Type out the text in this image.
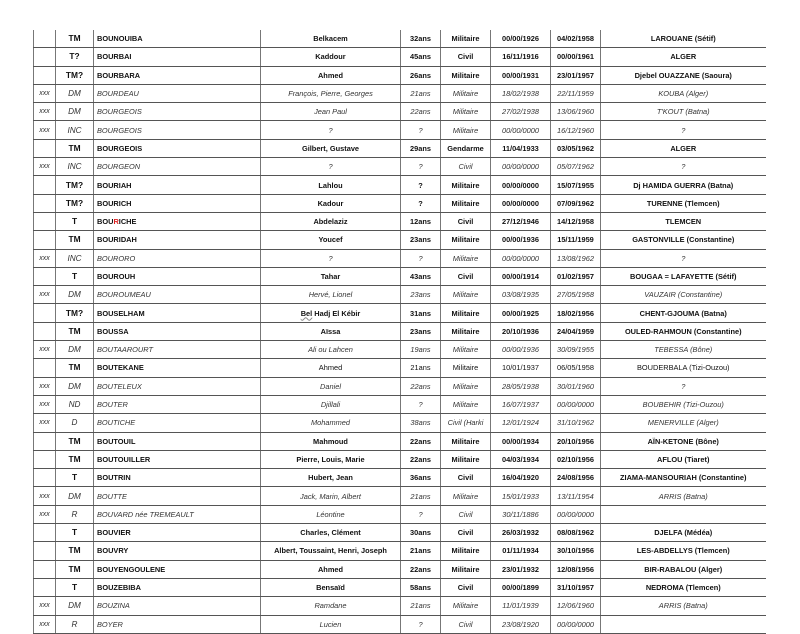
	TM	BOUNOUIBA	Belkacem	32ans	Militaire	00/00/1926	04/02/1958	LAROUANE (Sétif)
	T?	BOURBAI	Kaddour	45ans	Civil	16/11/1916	00/00/1961	ALGER
	TM?	BOURBARA	Ahmed	26ans	Militaire	00/00/1931	23/01/1957	Djebel OUAZZANE (Saoura)
xxx	DM	BOURDEAU	François, Pierre, Georges	21ans	Militaire	18/02/1938	22/11/1959	KOUBA (Alger)
xxx	DM	BOURGEOIS	Jean Paul	22ans	Militaire	27/02/1938	13/06/1960	T'KOUT (Batna)
xxx	INC	BOURGEOIS	?	?	Militaire	00/00/0000	16/12/1960	?
	TM	BOURGEOIS	Gilbert, Gustave	29ans	Gendarme	11/04/1933	03/05/1962	ALGER
xxx	INC	BOURGEON	?	?	Civil	00/00/0000	05/07/1962	?
	TM?	BOURIAH	Lahlou	?	Militaire	00/00/0000	15/07/1955	Dj HAMIDA GUERRA (Batna)
	TM?	BOURICH	Kadour	?	Militaire	00/00/0000	07/09/1962	TURENNE (Tlemcen)
	T	BOURICHE	Abdelaziz	12ans	Civil	27/12/1946	14/12/1958	TLEMCEN
	TM	BOURIDAH	Youcef	23ans	Militaire	00/00/1936	15/11/1959	GASTONVILLE (Constantine)
xxx	INC	BOURORO	?	?	Militaire	00/00/0000	13/08/1962	?
	T	BOUROUH	Tahar	43ans	Civil	00/00/1914	01/02/1957	BOUGAA = LAFAYETTE (Sétif)
xxx	DM	BOUROUMEAU	Hervé, Lionel	23ans	Militaire	03/08/1935	27/05/1958	VAUZAIR (Constantine)
	TM?	BOUSELHAM	Bel Hadj El Kébir	31ans	Militaire	00/00/1925	18/02/1956	CHENT-GJOUMA (Batna)
	TM	BOUSSA	Aïssa	23ans	Militaire	20/10/1936	24/04/1959	OULED-RAHMOUN (Constantine)
xxx	DM	BOUTAAROURT	Ali ou Lahcen	19ans	Militaire	00/00/1936	30/09/1955	TEBESSA (Bône)
	TM	BOUTEKANE	Ahmed	21ans	Militaire	10/01/1937	06/05/1958	BOUDERBALA (Tizi-Ouzou)
xxx	DM	BOUTELEUX	Daniel	22ans	Militaire	28/05/1938	30/01/1960	?
xxx	ND	BOUTER	Djillali	?	Militaire	16/07/1937	00/00/0000	BOUBEHIR (Tizi-Ouzou)
xxx	D	BOUTICHE	Mohammed	38ans	Civil (Harki	12/01/1924	31/10/1962	MENERVILLE (Alger)
	TM	BOUTOUIL	Mahmoud	22ans	Militaire	00/00/1934	20/10/1956	AÏN-KETONE (Bône)
	TM	BOUTOUILLER	Pierre, Louis, Marie	22ans	Militaire	04/03/1934	02/10/1956	AFLOU (Tiaret)
	T	BOUTRIN	Hubert, Jean	36ans	Civil	16/04/1920	24/08/1956	ZIAMA-MANSOURIAH (Constantine)
xxx	DM	BOUTTE	Jack, Marin, Albert	21ans	Militaire	15/01/1933	13/11/1954	ARRIS (Batna)
xxx	R	BOUVARD née TREMEAULT	Léontine	?	Civil	30/11/1886	00/00/0000	
	T	BOUVIER	Charles, Clément	30ans	Civil	26/03/1932	08/08/1962	DJELFA (Médéa)
	TM	BOUVRY	Albert, Toussaint, Henri, Joseph	21ans	Militaire	01/11/1934	30/10/1956	LES-ABDELLYS (Tlemcen)
	TM	BOUYENGOULENE	Ahmed	22ans	Militaire	23/01/1932	12/08/1956	BIR-RABALOU (Alger)
	T	BOUZEBIBA	Bensaïd	58ans	Civil	00/00/1899	31/10/1957	NEDROMA (Tlemcen)
xxx	DM	BOUZINA	Ramdane	21ans	Militaire	11/01/1939	12/06/1960	ARRIS (Batna)
xxx	R	BOYER	Lucien	?	Civil	23/08/1920	00/00/0000	
